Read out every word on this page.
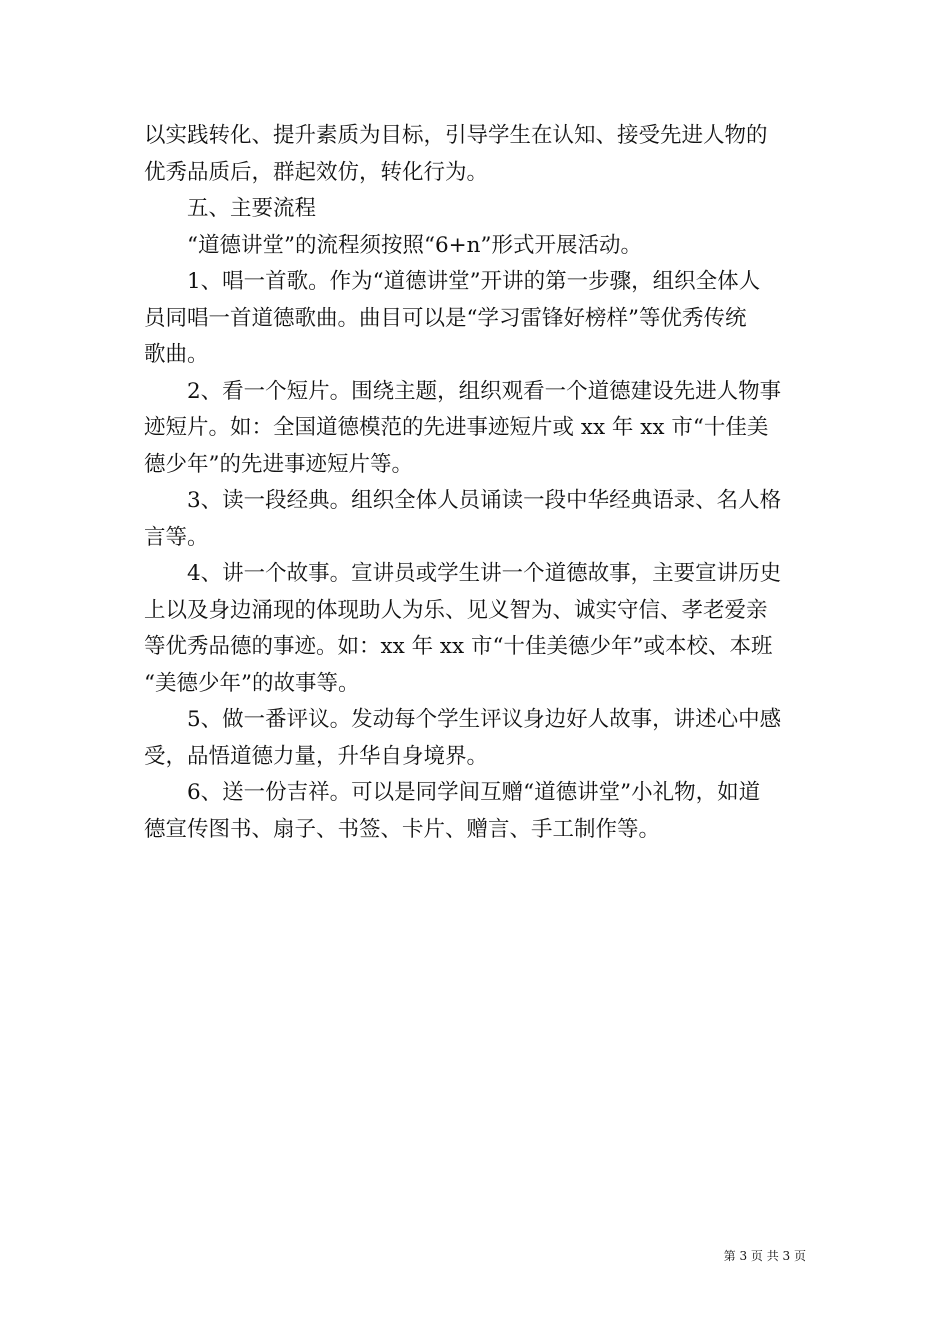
以实践转化、提升素质为目标，引导学生在认知、接受先进人物的
优秀品质后，群起效仿，转化行为。

五、主要流程

“道德讲堂”的流程须按照“6+n”形式开展活动。

1、唱一首歌。作为“道德讲堂”开讲的第一步骤，组织全体人
员同唱一首道德歌曲。曲目可以是“学习雷锋好榜样”等优秀传统
歌曲。

2、看一个短片。围绕主题，组织观看一个道德建设先进人物事
迹短片。如：全国道德模范的先进事迹短片或 xx 年 xx 市“十佳美
德少年”的先进事迹短片等。

3、读一段经典。组织全体人员诵读一段中华经典语录、名人格
言等。

4、讲一个故事。宣讲员或学生讲一个道德故事，主要宣讲历史
上以及身边涌现的体现助人为乐、见义智为、诚实守信、孝老爱亲
等优秀品德的事迹。如：xx 年 xx 市“十佳美德少年”或本校、本班
“美德少年”的故事等。

5、做一番评议。发动每个学生评议身边好人故事，讲述心中感
受，品悟道德力量，升华自身境界。

6、送一份吉祥。可以是同学间互赠“道德讲堂”小礼物，如道
德宣传图书、扇子、书签、卡片、赠言、手工制作等。

第 3 页 共 3 页
